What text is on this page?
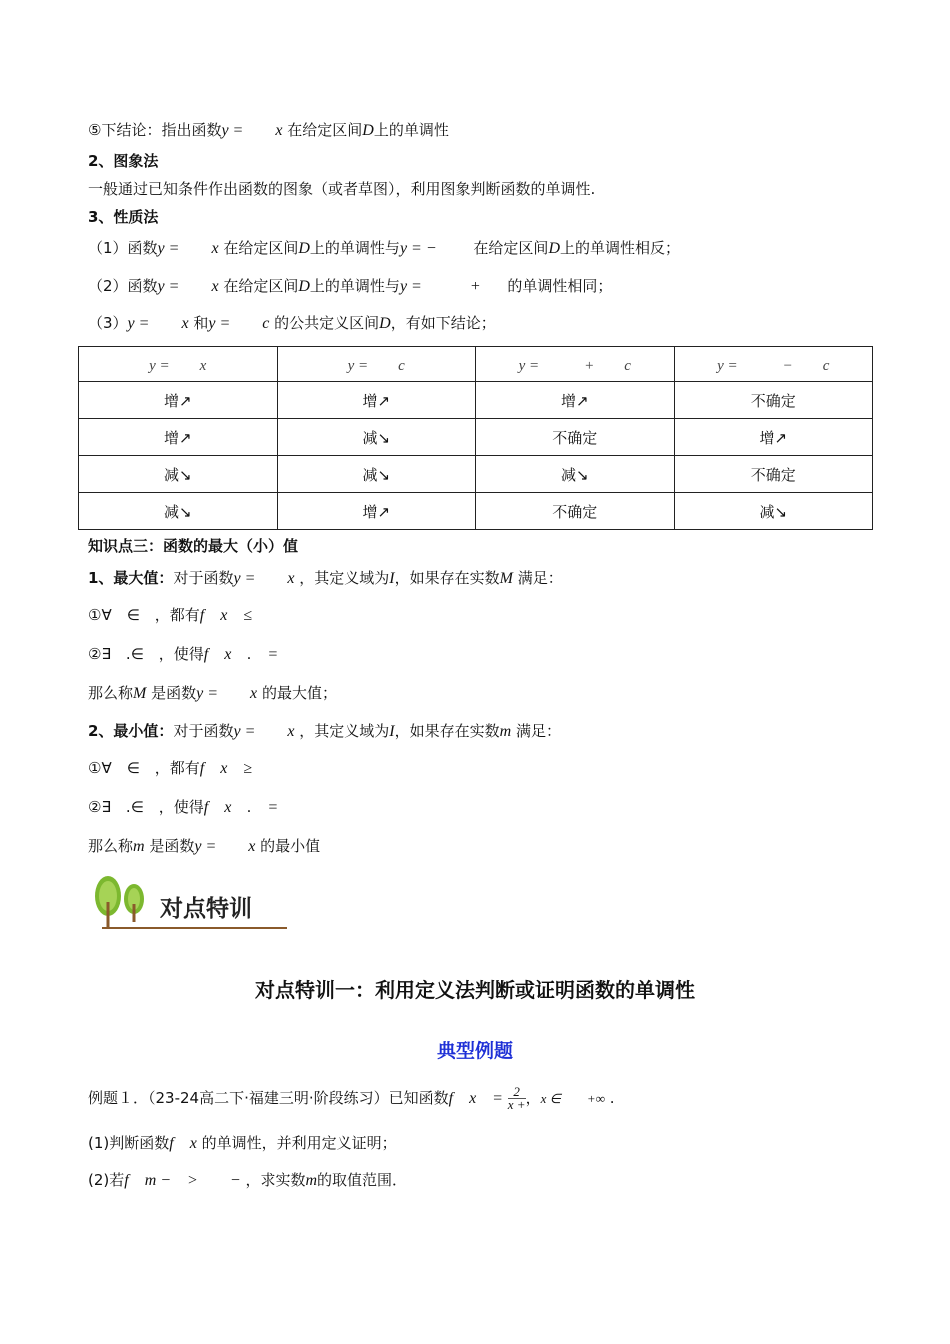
⑤下结论：指出函数y =　　x 在给定区间D上的单调性
2、图象法
一般通过已知条件作出函数的图象（或者草图），利用图象判断函数的单调性.
3、性质法
（1）函数y =　　x 在给定区间D上的单调性与y = −　　 在给定区间D上的单调性相反；
（2）函数y =　　x 在给定区间D上的单调性与y =　　　+ 的单调性相同；
（3）y =　　x 和y =　　c 的公共定义区间D，有如下结论；
y =　　x	y =　　c	y =　　　+　　c	y =　　　−　　c
增↗	增↗	增↗	不确定
增↗	减↘	不确定	增↗
减↘	减↘	减↘	不确定
减↘	增↗	不确定	减↘
知识点三：函数的最大（小）值
1、最大值：对于函数y =　　x ，其定义域为I，如果存在实数M 满足：
①∀　∈　，都有f　x　≤
②∃　.∈　，使得f　x　.　=
那么称M 是函数y =　　x 的最大值；
2、最小值：对于函数y =　　x ，其定义域为I，如果存在实数m 满足：
①∀　∈　，都有f　x　≥
②∃　.∈　，使得f　x　.　=
那么称m 是函数y =　　x 的最小值
对点特训
对点特训一：利用定义法判断或证明函数的单调性
典型例题
例题１．（23-24高二下·福建三明·阶段练习）已知函数f　x　= $\frac{2}{x +}$ ，x ∈　　+∞ .
(1)判断函数f　x 的单调性，并利用定义证明；
(2)若f　m −　>　　− ，求实数m的取值范围．
